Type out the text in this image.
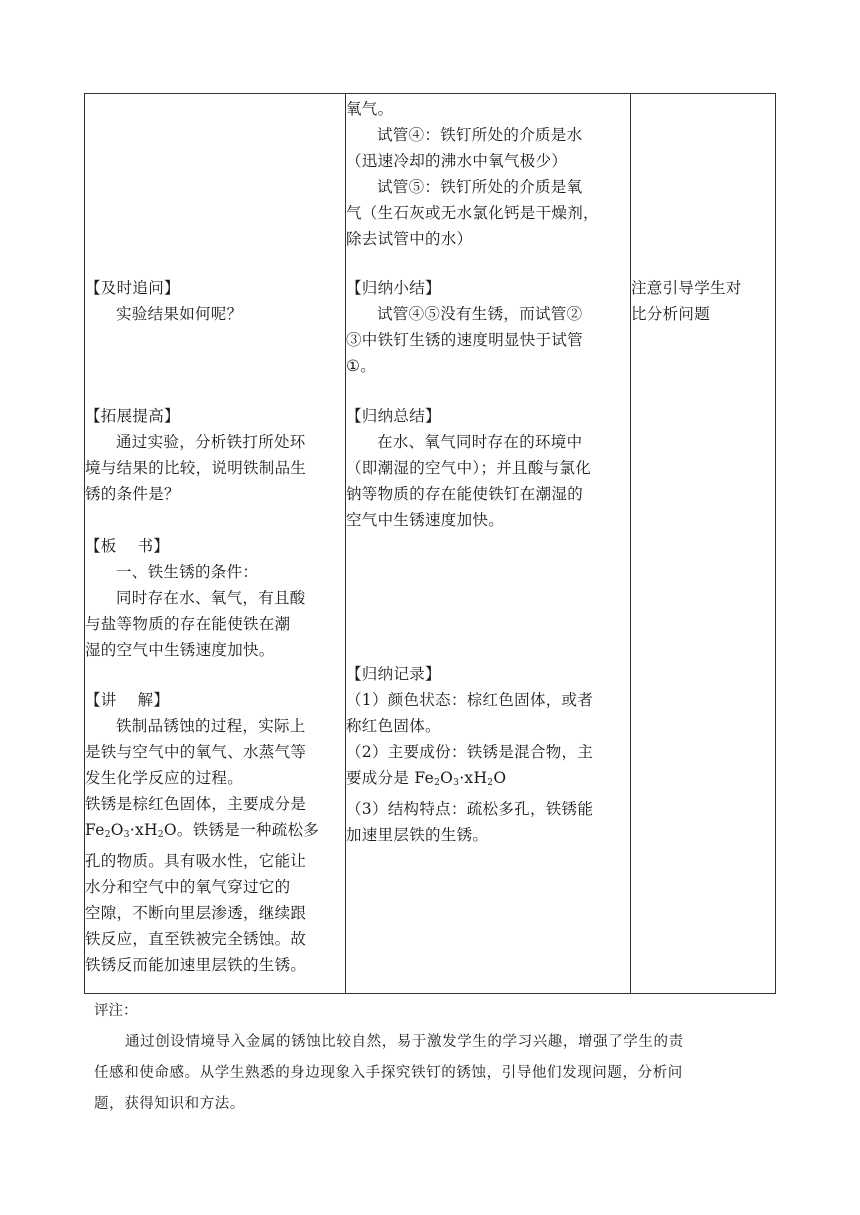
【及时追问】
实验结果如何呢？
【拓展提高】
通过实验，分析铁打所处环
境与结果的比较，说明铁制品生
锈的条件是？
【板　 书】
一、铁生锈的条件：
同时存在水、氧气，有且酸
与盐等物质的存在能使铁在潮
湿的空气中生锈速度加快。
【讲　 解】
铁制品锈蚀的过程，实际上
是铁与空气中的氧气、水蒸气等
发生化学反应的过程。
铁锈是棕红色固体，主要成分是
$Fe_2O_3\cdot xH_2O$。铁锈是一种疏松多
孔的物质。具有吸水性，它能让
水分和空气中的氧气穿过它的
空隙，不断向里层渗透，继续跟
铁反应，直至铁被完全锈蚀。故
铁锈反而能加速里层铁的生锈。
氧气。
试管④：铁钉所处的介质是水
（迅速冷却的沸水中氧气极少）
试管⑤：铁钉所处的介质是氧
气（生石灰或无水氯化钙是干燥剂，
除去试管中的水）
【归纳小结】
试管④⑤没有生锈，而试管②
③中铁钉生锈的速度明显快于试管
①。
【归纳总结】
在水、氧气同时存在的环境中
（即潮湿的空气中）；并且酸与氯化
钠等物质的存在能使铁钉在潮湿的
空气中生锈速度加快。
【归纳记录】
（1）颜色状态：棕红色固体，或者
称红色固体。
（2）主要成份：铁锈是混合物，主
要成分是 $Fe_2O_3\cdot xH_2O$
（3）结构特点：疏松多孔，铁锈能
加速里层铁的生锈。
注意引导学生对
比分析问题
评注：
通过创设情境导入金属的锈蚀比较自然，易于激发学生的学习兴趣，增强了学生的责
任感和使命感。从学生熟悉的身边现象入手探究铁钉的锈蚀，引导他们发现问题，分析问
题，获得知识和方法。
